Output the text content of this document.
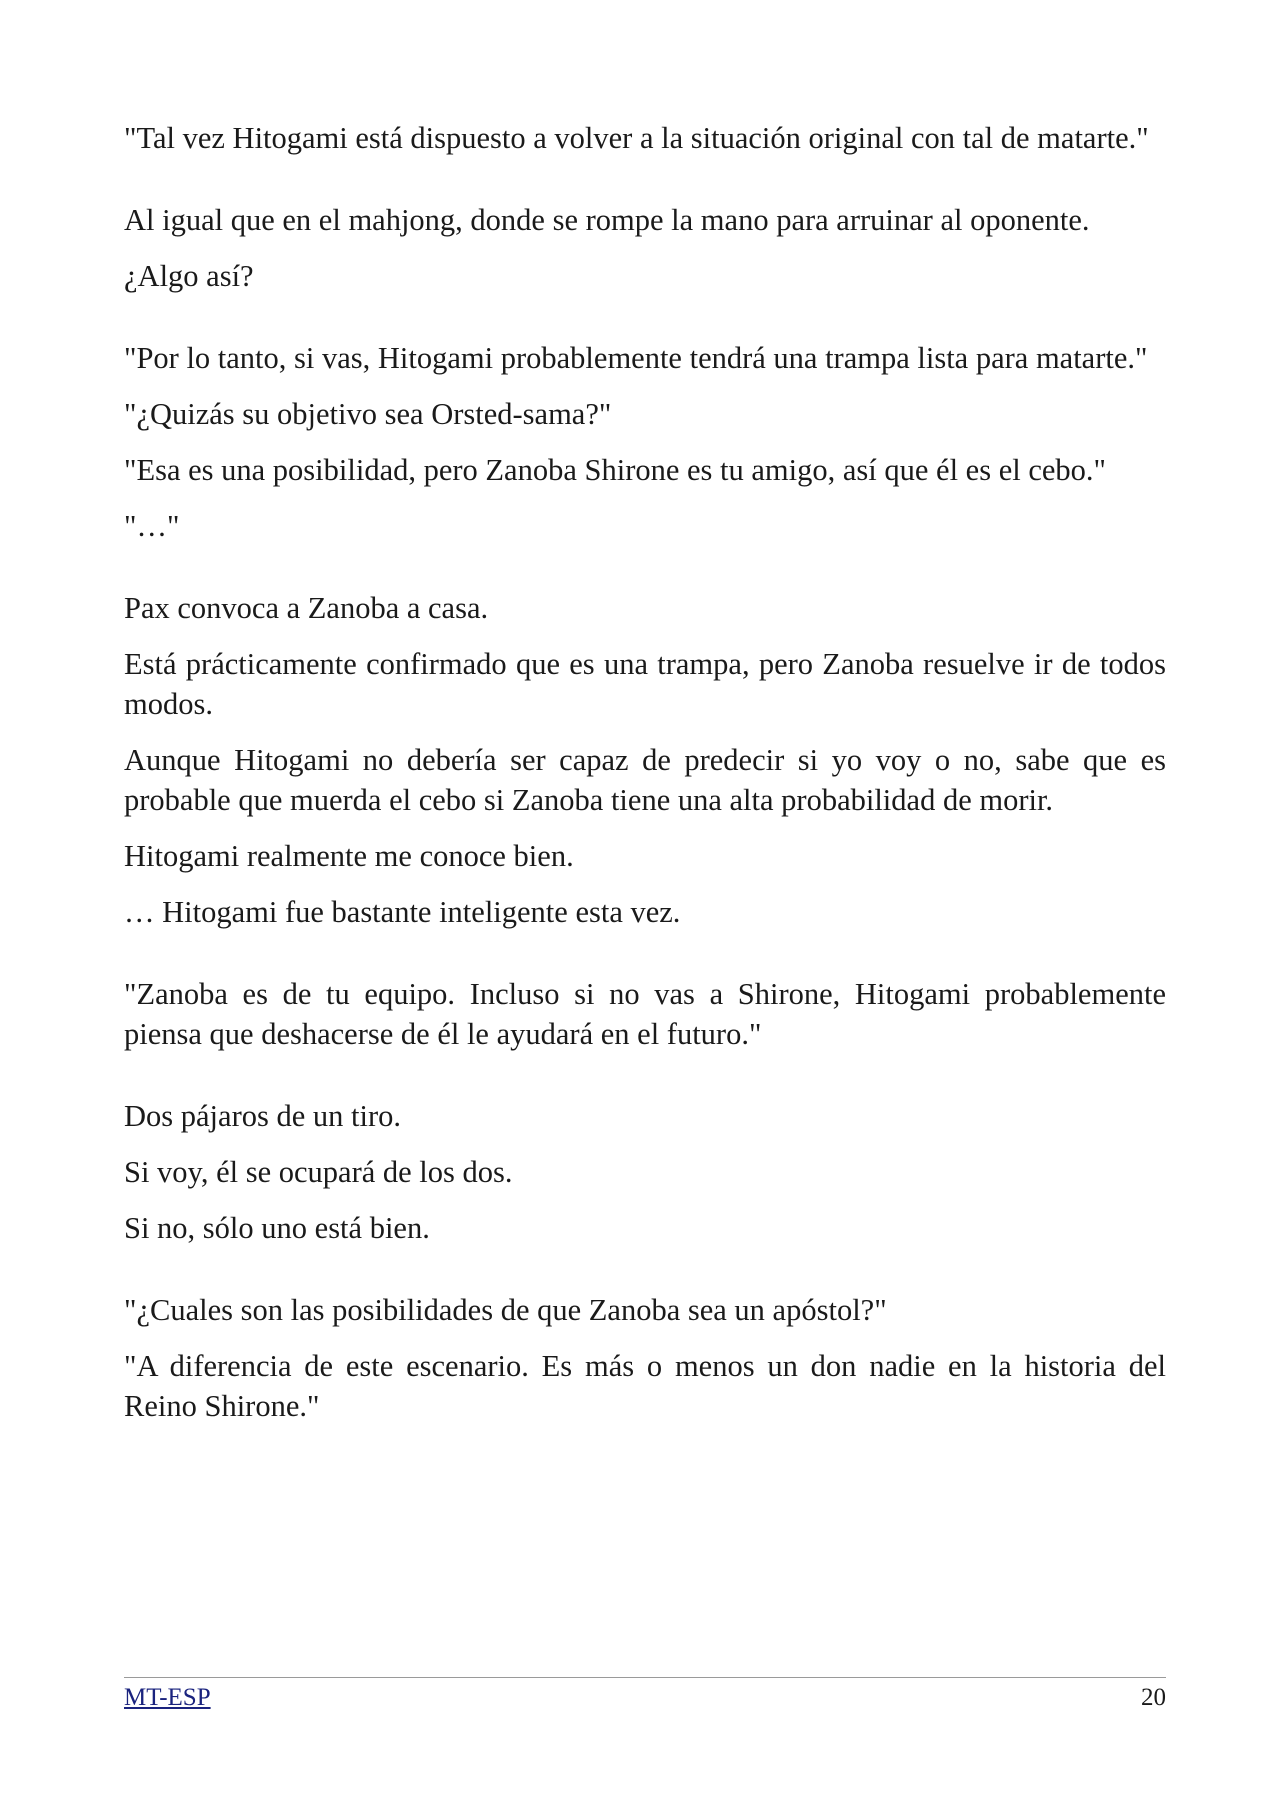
"Tal vez Hitogami está dispuesto a volver a la situación original con tal de matarte."

Al igual que en el mahjong, donde se rompe la mano para arruinar al oponente.

¿Algo así?

"Por lo tanto, si vas, Hitogami probablemente tendrá una trampa lista para matarte."

"¿Quizás su objetivo sea Orsted-sama?"

"Esa es una posibilidad, pero Zanoba Shirone es tu amigo, así que él es el cebo."

"…"

Pax convoca a Zanoba a casa.

Está prácticamente confirmado que es una trampa, pero Zanoba resuelve ir de todos modos.

Aunque Hitogami no debería ser capaz de predecir si yo voy o no, sabe que es probable que muerda el cebo si Zanoba tiene una alta probabilidad de morir.

Hitogami realmente me conoce bien.

… Hitogami fue bastante inteligente esta vez.

"Zanoba es de tu equipo. Incluso si no vas a Shirone, Hitogami probablemente piensa que deshacerse de él le ayudará en el futuro."

Dos pájaros de un tiro.

Si voy, él se ocupará de los dos.

Si no, sólo uno está bien.

"¿Cuales son las posibilidades de que Zanoba sea un apóstol?"

"A diferencia de este escenario. Es más o menos un don nadie en la historia del Reino Shirone."

MT-ESP	20
